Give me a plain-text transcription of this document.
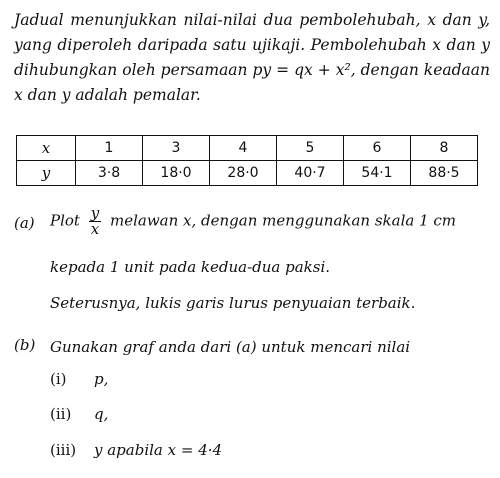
Jadual menunjukkan nilai-nilai dua pembolehubah, x dan y,

yang diperoleh daripada satu ujikaji. Pembolehubah x dan y

dihubungkan oleh persamaan py = qx + x², dengan keadaan

x dan y adalah pemalar.

x	1	3	4	5	6	8
y	3·8	18·0	28·0	40·7	54·1	88·5
(a) Plot $\frac{y}{x}$ melawan x, dengan menggunakan skala 1 cm
kepada 1 unit pada kedua-dua paksi.
Seterusnya, lukis garis lurus penyuaian terbaik.
(b) Gunakan graf anda dari (a) untuk mencari nilai
(i) p,
(ii) q,
(iii) y apabila x = 4·4
